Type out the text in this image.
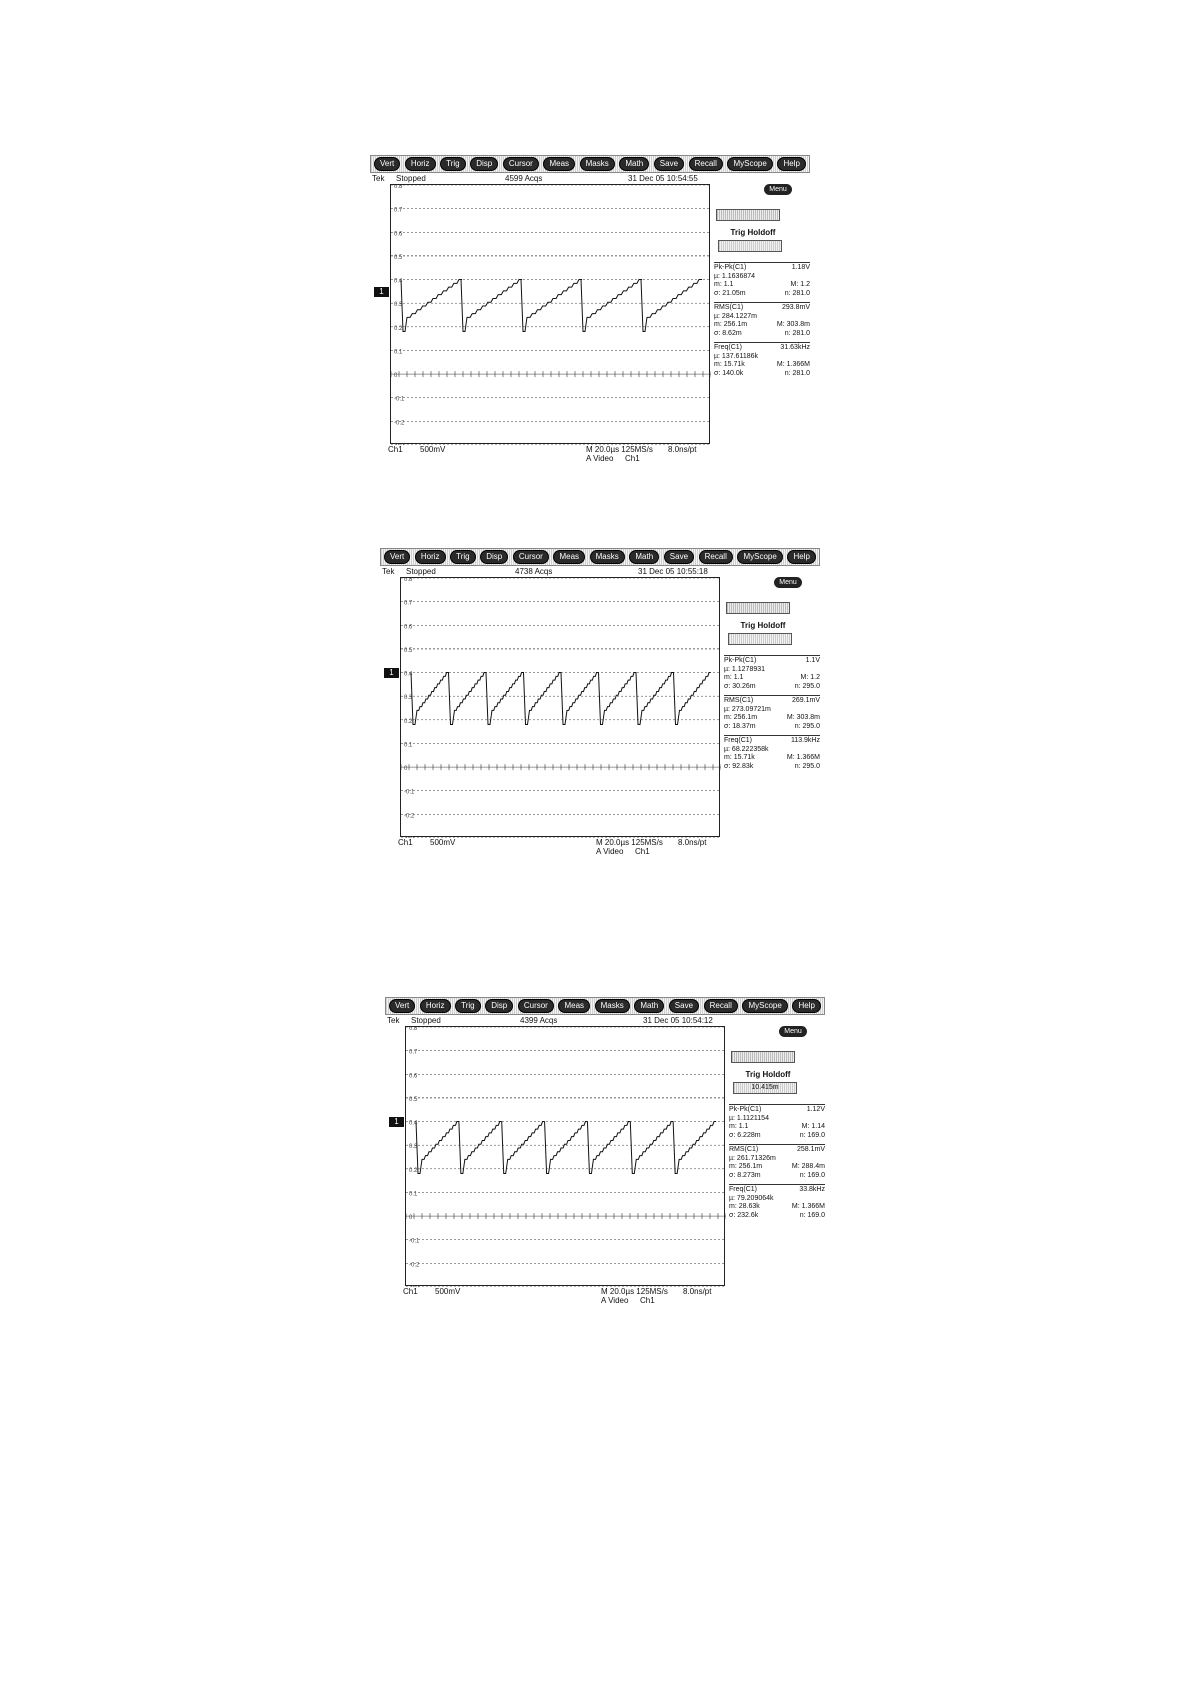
Vert	Horiz	Trig	Disp	Cursor	Meas	Masks	Math	Save	Recall	MyScope	Help
Tek Stopped	4599 Acqs	31 Dec 05 10:54:55
0.8
0.7
0.6
0.5
0.4
0.3
0.2
0.1
0
-0.1
-0.2
1
Menu
Trig Holdoff
Pk-Pk(C1)	1.18V
µ: 1.1636874
m: 1.1	M: 1.2
σ: 21.05m	n: 281.0
RMS(C1)	293.8mV
µ: 284.1227m
m: 256.1m	M: 303.8m
σ: 8.62m	n: 281.0
Freq(C1)	31.63kHz
µ: 137.61186k
m: 15.71k	M: 1.366M
σ: 140.0k	n: 281.0
Ch1 500mV	M 20.0µs 125MS/s 8.0ns/pt
A Video Ch1
Vert	Horiz	Trig	Disp	Cursor	Meas	Masks	Math	Save	Recall	MyScope	Help
Tek Stopped	4738 Acqs	31 Dec 05 10:55:18
0.8
0.7
0.6
0.5
0.4
0.3
0.2
0.1
0
-0.1
-0.2
1
Menu
Trig Holdoff
Pk-Pk(C1)	1.1V
µ: 1.1278931
m: 1.1	M: 1.2
σ: 30.26m	n: 295.0
RMS(C1)	269.1mV
µ: 273.09721m
m: 256.1m	M: 303.8m
σ: 18.37m	n: 295.0
Freq(C1)	113.9kHz
µ: 68.222358k
m: 15.71k	M: 1.366M
σ: 92.83k	n: 295.0
Ch1 500mV	M 20.0µs 125MS/s 8.0ns/pt
A Video Ch1
Vert	Horiz	Trig	Disp	Cursor	Meas	Masks	Math	Save	Recall	MyScope	Help
Tek Stopped	4399 Acqs	31 Dec 05 10:54:12
0.8
0.7
0.6
0.5
0.4
0.3
0.2
0.1
0
-0.1
-0.2
1
Menu
Trig Holdoff
10.415m
Pk-Pk(C1)	1.12V
µ: 1.1121154
m: 1.1	M: 1.14
σ: 6.228m	n: 169.0
RMS(C1)	258.1mV
µ: 261.71326m
m: 256.1m	M: 288.4m
σ: 8.273m	n: 169.0
Freq(C1)	33.8kHz
µ: 79.209064k
m: 28.63k	M: 1.366M
σ: 232.6k	n: 169.0
Ch1 500mV	M 20.0µs 125MS/s 8.0ns/pt
A Video Ch1
